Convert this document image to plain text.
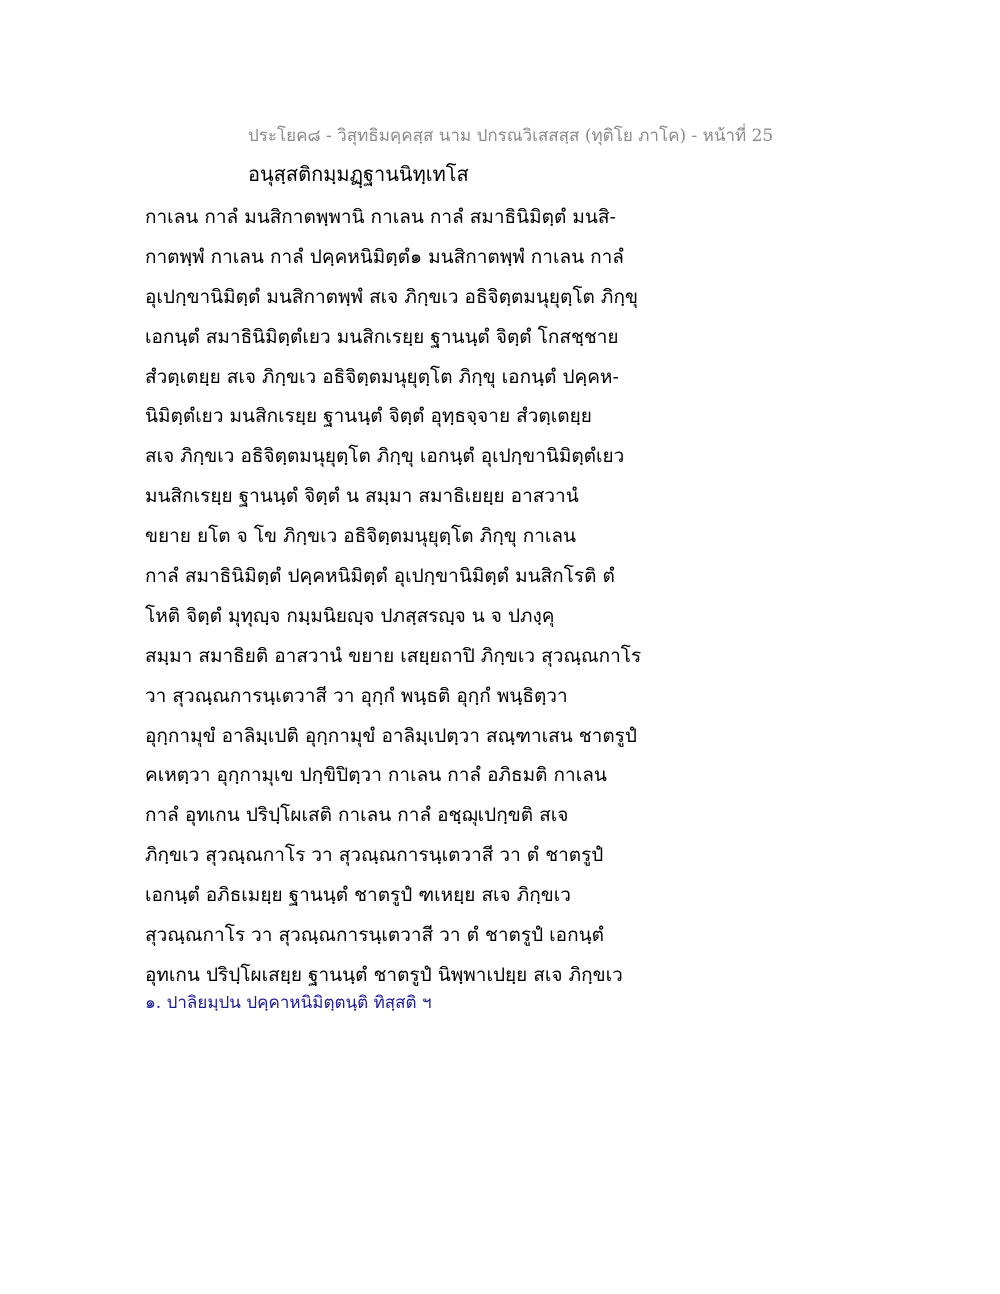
ประโยค๘ - วิสุทธิมคฺคสฺส นาม ปกรณวิเสสสฺส (ทุติโย ภาโค) - หน้าที่ 25
อนุสฺสติกมฺมฏฺฐานนิทฺเทโส
กาเลน กาลํ มนสิกาตพฺพานิ กาเลน กาลํ สมาธินิมิตฺตํ มนสิ-
กาตพฺพํ กาเลน กาลํ ปคฺคหนิมิตฺตํ๑ มนสิกาตพฺพํ กาเลน กาลํ
อุเปกฺขานิมิตฺตํ มนสิกาตพฺพํ สเจ ภิกฺขเว อธิจิตฺตมนุยุตฺโต ภิกฺขุ
เอกนฺตํ สมาธินิมิตฺตํเยว มนสิกเรยฺย ฐานนฺตํ จิตฺตํ โกสชฺชาย
สํวตฺเตยฺย สเจ ภิกฺขเว อธิจิตฺตมนุยุตฺโต ภิกฺขุ เอกนฺตํ ปคฺคห-
นิมิตฺตํเยว มนสิกเรยฺย ฐานนฺตํ จิตฺตํ อุทฺธจฺจาย สํวตฺเตยฺย
สเจ ภิกฺขเว อธิจิตฺตมนุยุตฺโต ภิกฺขุ เอกนฺตํ อุเปกฺขานิมิตฺตํเยว
มนสิกเรยฺย ฐานนฺตํ จิตฺตํ น สมฺมา สมาธิเยยฺย อาสวานํ
ขยาย ยโต จ โข ภิกฺขเว อธิจิตฺตมนุยุตฺโต ภิกฺขุ กาเลน
กาลํ สมาธินิมิตฺตํ ปคฺคหนิมิตฺตํ อุเปกฺขานิมิตฺตํ มนสิกโรติ ตํ
โหติ จิตฺตํ มุทุญฺจ กมฺมนิยญฺจ ปภสฺสรญฺจ น จ ปภงฺคุ
สมฺมา สมาธิยติ อาสวานํ ขยาย เสยฺยถาปิ ภิกฺขเว สุวณฺณกาโร
วา สุวณฺณการนฺเตวาสี วา อุกฺกํ พนฺธติ อุกฺกํ พนฺธิตฺวา
อุกฺกามุขํ อาลิมฺเปติ อุกฺกามุขํ อาลิมฺเปตฺวา สณฺฑาเสน ชาตรูปํ
คเหตฺวา อุกฺกามุเข ปกฺขิปิตฺวา กาเลน กาลํ อภิธมติ กาเลน
กาลํ อุทเกน ปริปฺโผเสติ กาเลน กาลํ อชฺฌุเปกฺขติ สเจ
ภิกฺขเว สุวณฺณกาโร วา สุวณฺณการนฺเตวาสี วา ตํ ชาตรูปํ
เอกนฺตํ อภิธเมยฺย ฐานนฺตํ ชาตรูปํ ฑเหยฺย สเจ ภิกฺขเว
สุวณฺณกาโร วา สุวณฺณการนฺเตวาสี วา ตํ ชาตรูปํ เอกนฺตํ
อุทเกน ปริปฺโผเสยฺย ฐานนฺตํ ชาตรูปํ นิพฺพาเปยฺย สเจ ภิกฺขเว
๑. ปาลิยมฺปน ปคฺคาหนิมิตฺตนฺติ ทิสฺสติ ฯ
